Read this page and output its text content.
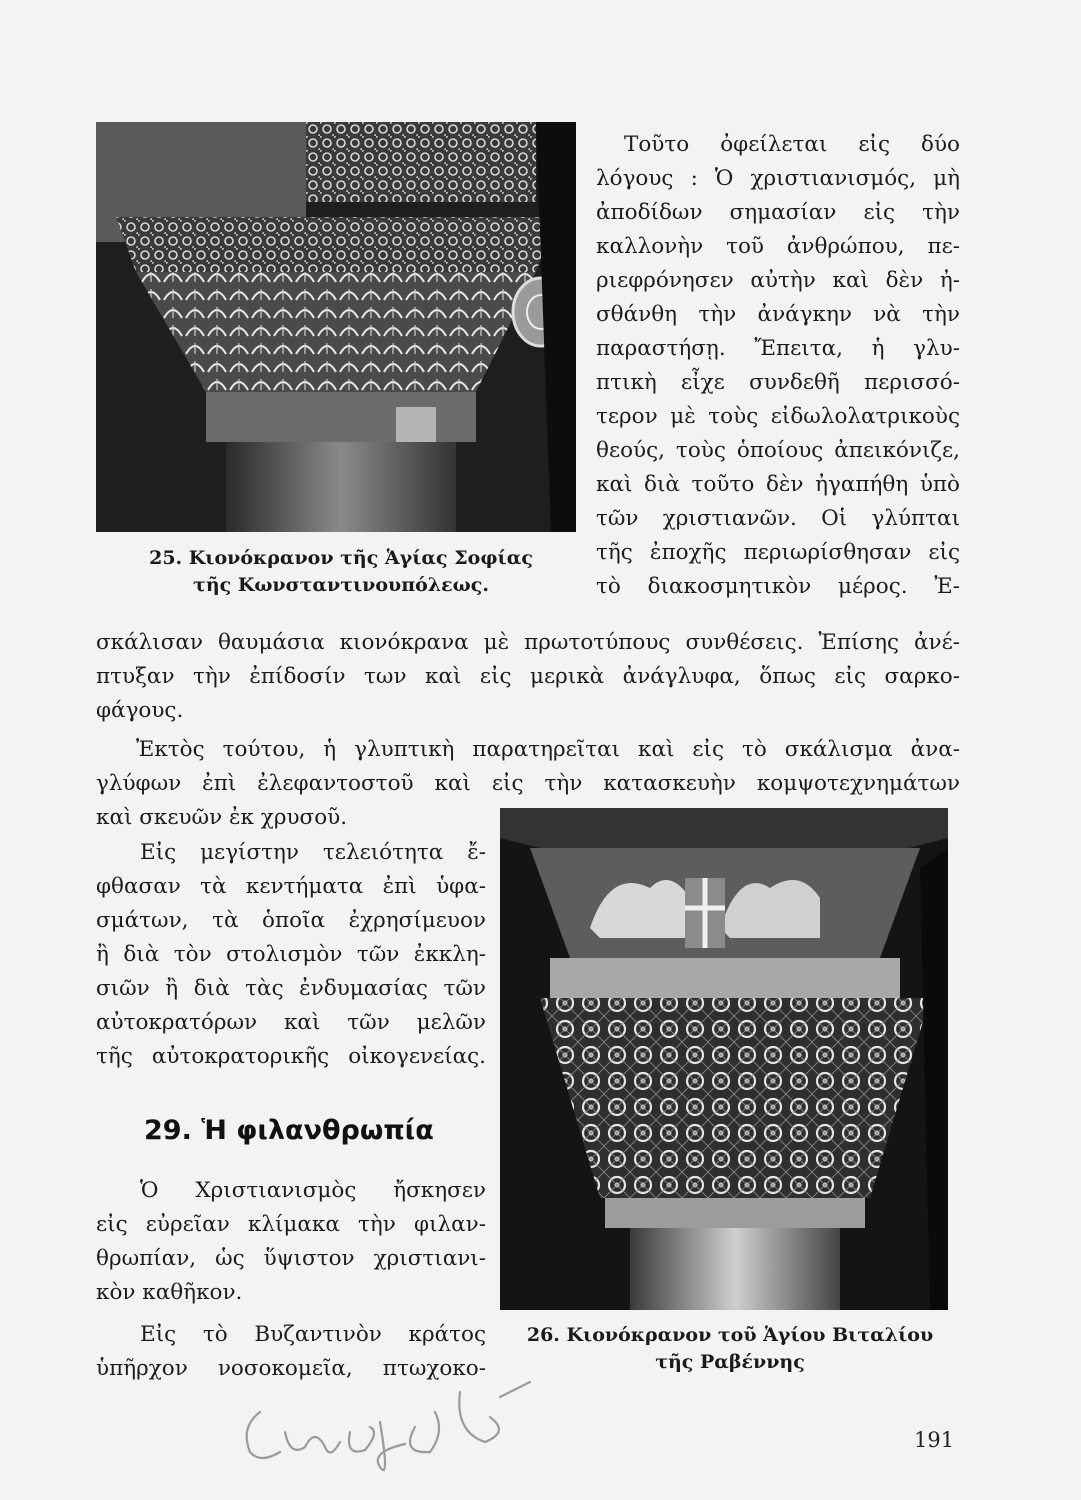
25. Κιονόκρανον τῆς Ἁγίας Σοφίας
τῆς Κωνσταντινουπόλεως.

Τοῦτο ὀφείλεται εἰς δύο
λόγους : Ὁ χριστιανισμός, μὴ
ἀποδίδων σημασίαν εἰς τὴν
καλλονὴν τοῦ ἀνθρώπου, πε-
ριεφρόνησεν αὐτὴν καὶ δὲν ἠ-
σθάνθη τὴν ἀνάγκην νὰ τὴν
παραστήσῃ. Ἔπειτα, ἡ γλυ-
πτικὴ εἶχε συνδεθῆ περισσό-
τερον μὲ τοὺς εἰδωλολατρικοὺς
θεούς, τοὺς ὁποίους ἀπεικόνιζε,
καὶ διὰ τοῦτο δὲν ἠγαπήθη ὑπὸ
τῶν χριστιανῶν. Οἱ γλύπται
τῆς ἐποχῆς περιωρίσθησαν εἰς
τὸ διακοσμητικὸν μέρος. Ἐ-

σκάλισαν θαυμάσια κιονόκρανα μὲ πρωτοτύπους συνθέσεις. Ἐπίσης ἀνέ-
πτυξαν τὴν ἐπίδοσίν των καὶ εἰς μερικὰ ἀνάγλυφα, ὅπως εἰς σαρκο-
φάγους.
Ἐκτὸς τούτου, ἡ γλυπτικὴ παρατηρεῖται καὶ εἰς τὸ σκάλισμα ἀνα-
γλύφων ἐπὶ ἐλεφαντοστοῦ καὶ εἰς τὴν κατασκευὴν κομψοτεχνημάτων
καὶ σκευῶν ἐκ χρυσοῦ.
26. Κιονόκρανον τοῦ Ἁγίου Βιταλίου
τῆς Ραβέννης
Εἰς μεγίστην τελειότητα ἔ-
φθασαν τὰ κεντήματα ἐπὶ ὑφα-
σμάτων, τὰ ὁποῖα ἐχρησίμευον
ἢ διὰ τὸν στολισμὸν τῶν ἐκκλη-
σιῶν ἢ διὰ τὰς ἐνδυμασίας τῶν
αὐτοκρατόρων καὶ τῶν μελῶν
τῆς αὐτοκρατορικῆς οἰκογενείας.
29. Ἡ φιλανθρωπία
Ὁ Χριστιανισμὸς ἤσκησεν
εἰς εὐρεῖαν κλίμακα τὴν φιλαν-
θρωπίαν, ὡς ὕψιστον χριστιανι-
κὸν καθῆκον.
Εἰς τὸ Βυζαντινὸν κράτος
ὑπῆρχον νοσοκομεῖα, πτωχοκο-
191
